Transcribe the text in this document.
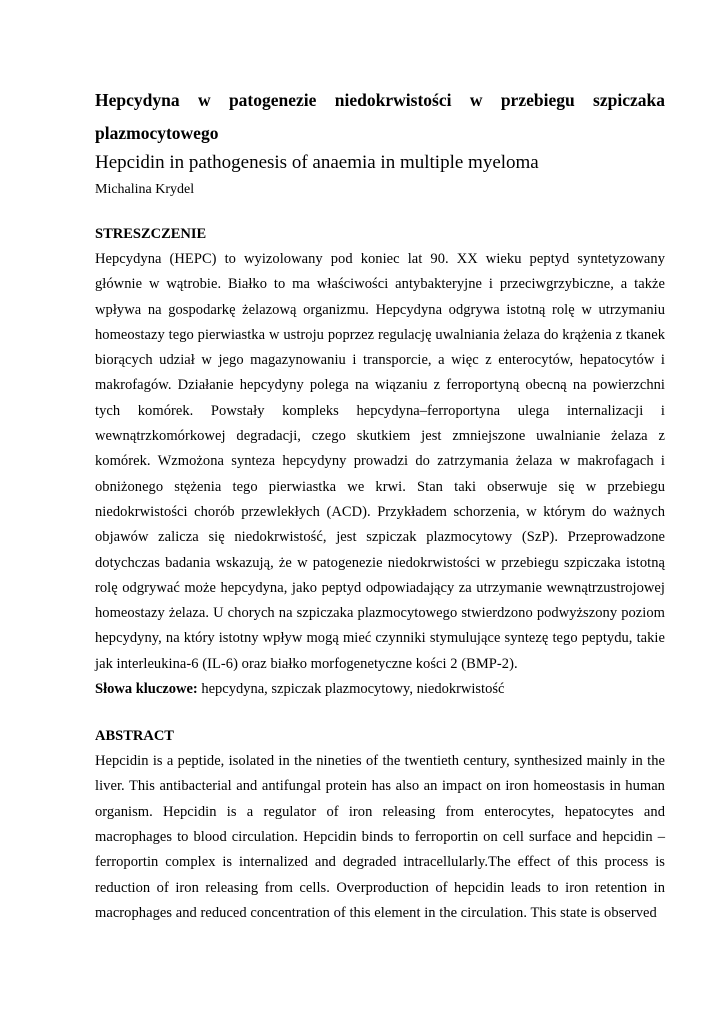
Hepcydyna w patogenezie niedokrwistości w przebiegu szpiczaka plazmocytowego
Hepcidin in pathogenesis of anaemia in multiple myeloma

Michalina Krydel

STRESZCZENIE

Hepcydyna (HEPC) to wyizolowany pod koniec lat 90. XX wieku peptyd syntetyzowany głównie w wątrobie. Białko to ma właściwości antybakteryjne i przeciwgrzybiczne, a także wpływa na gospodarkę żelazową organizmu. Hepcydyna odgrywa istotną rolę w utrzymaniu homeostazy tego pierwiastka w ustroju poprzez regulację uwalniania żelaza do krążenia z tkanek biorących udział w jego magazynowaniu i transporcie, a więc z enterocytów, hepatocytów i makrofagów. Działanie hepcydyny polega na wiązaniu z ferroportyną obecną na powierzchni tych komórek. Powstały kompleks hepcydyna–ferroportyna ulega internalizacji i wewnątrzkomórkowej degradacji, czego skutkiem jest zmniejszone uwalnianie żelaza z komórek. Wzmożona synteza hepcydyny prowadzi do zatrzymania żelaza w makrofagach i obniżonego stężenia tego pierwiastka we krwi. Stan taki obserwuje się w przebiegu niedokrwistości chorób przewlekłych (ACD). Przykładem schorzenia, w którym do ważnych objawów zalicza się niedokrwistość, jest szpiczak plazmocytowy (SzP). Przeprowadzone dotychczas badania wskazują, że w patogenezie niedokrwistości w przebiegu szpiczaka istotną rolę odgrywać może hepcydyna, jako peptyd odpowiadający za utrzymanie wewnątrzustrojowej homeostazy żelaza. U chorych na szpiczaka plazmocytowego stwierdzono podwyższony poziom hepcydyny, na który istotny wpływ mogą mieć czynniki stymulujące syntezę tego peptydu, takie jak interleukina-6 (IL-6) oraz białko morfogenetyczne kości 2 (BMP-2).

Słowa kluczowe: hepcydyna, szpiczak plazmocytowy, niedokrwistość

ABSTRACT

Hepcidin is a peptide, isolated in the nineties of the twentieth century, synthesized mainly in the liver. This antibacterial and antifungal protein has also an impact on iron homeostasis in human organism. Hepcidin is a regulator of iron releasing from enterocytes, hepatocytes and macrophages to blood circulation. Hepcidin binds to ferroportin on cell surface and hepcidin – ferroportin complex is internalized and degraded intracellularly.The effect of this process is reduction of iron releasing from cells. Overproduction of hepcidin leads to iron retention in macrophages and reduced concentration of this element in the circulation. This state is observed
